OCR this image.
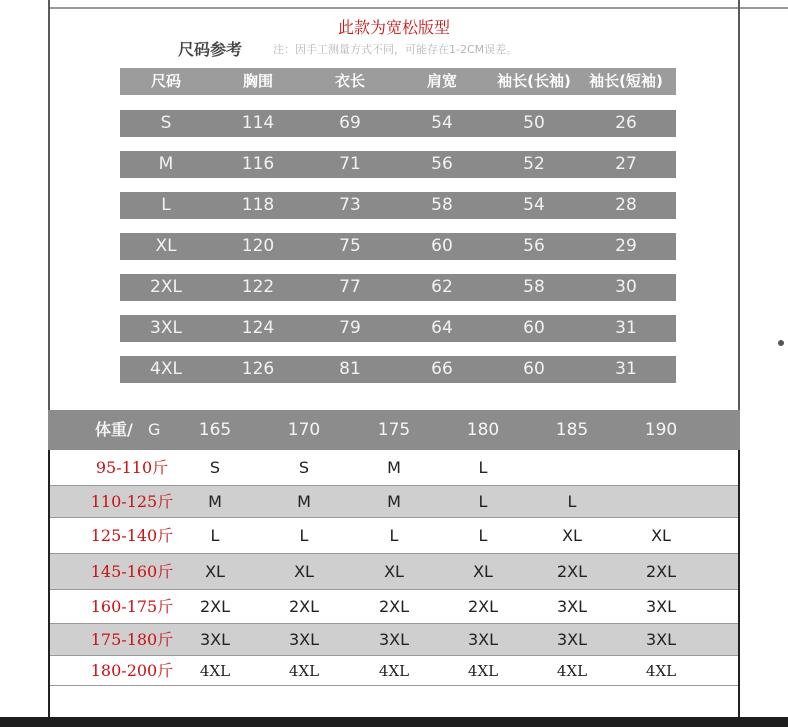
此款为宽松版型
尺码参考	注：因手工测量方式不同，可能存在1-2CM误差。
尺码	胸围	衣长	肩宽	袖长(长袖)	袖长(短袖)
S	114	69	54	50	26
M	116	71	56	52	27
L	118	73	58	54	28
XL	120	75	60	56	29
2XL	122	77	62	58	30
3XL	124	79	64	60	31
4XL	126	81	66	60	31
体重/ G	165	170	175	180	185	190
95-110斤	S	S	M	L
110-125斤	M	M	M	L	L
125-140斤	L	L	L	L	XL	XL
145-160斤	XL	XL	XL	XL	2XL	2XL
160-175斤	2XL	2XL	2XL	2XL	3XL	3XL
175-180斤	3XL	3XL	3XL	3XL	3XL	3XL
180-200斤	4XL	4XL	4XL	4XL	4XL	4XL
